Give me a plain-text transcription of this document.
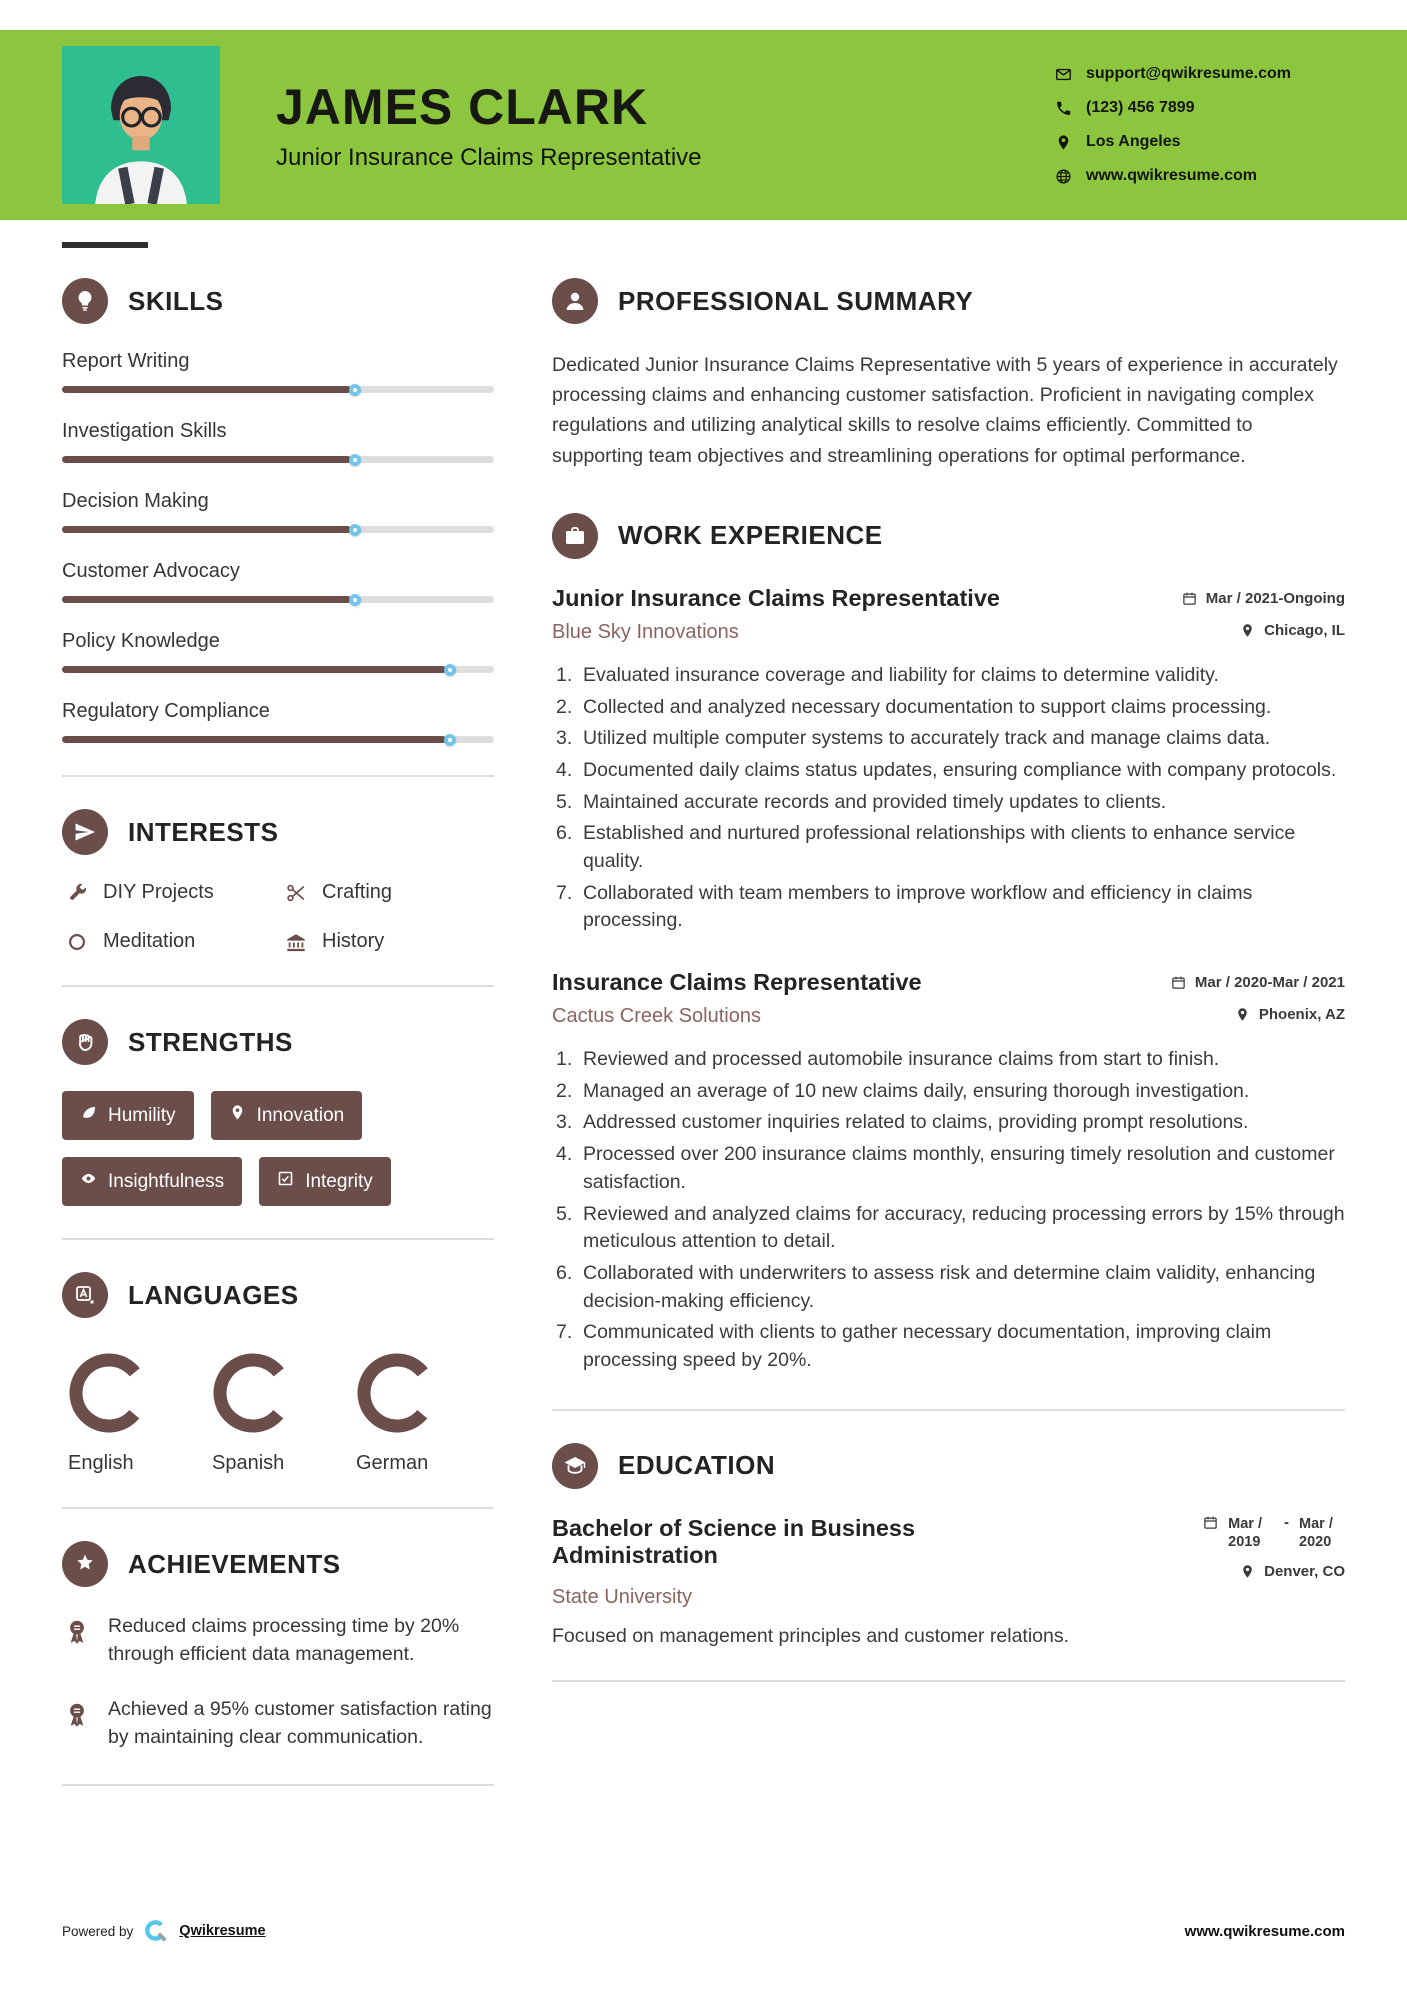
JAMES CLARK
Junior Insurance Claims Representative
support@qwikresume.com
(123) 456 7899
Los Angeles
www.qwikresume.com
SKILLS
Report Writing
Investigation Skills
Decision Making
Customer Advocacy
Policy Knowledge
Regulatory Compliance
INTERESTS
DIY Projects	Crafting
Meditation	History
STRENGTHS
Humility	Innovation
Insightfulness	Integrity
LANGUAGES
English	Spanish	German
ACHIEVEMENTS
Reduced claims processing time by 20% through efficient data management.
Achieved a 95% customer satisfaction rating by maintaining clear communication.
PROFESSIONAL SUMMARY

Dedicated Junior Insurance Claims Representative with 5 years of experience in accurately processing claims and enhancing customer satisfaction. Proficient in navigating complex regulations and utilizing analytical skills to resolve claims efficiently. Committed to supporting team objectives and streamlining operations for optimal performance.

WORK EXPERIENCE
Junior Insurance Claims Representative	Mar / 2021-Ongoing
Blue Sky Innovations	Chicago, IL
Evaluated insurance coverage and liability for claims to determine validity.
Collected and analyzed necessary documentation to support claims processing.
Utilized multiple computer systems to accurately track and manage claims data.
Documented daily claims status updates, ensuring compliance with company protocols.
Maintained accurate records and provided timely updates to clients.
Established and nurtured professional relationships with clients to enhance service quality.
Collaborated with team members to improve workflow and efficiency in claims processing.
Insurance Claims Representative	Mar / 2020-Mar / 2021
Cactus Creek Solutions	Phoenix, AZ
Reviewed and processed automobile insurance claims from start to finish.
Managed an average of 10 new claims daily, ensuring thorough investigation.
Addressed customer inquiries related to claims, providing prompt resolutions.
Processed over 200 insurance claims monthly, ensuring timely resolution and customer satisfaction.
Reviewed and analyzed claims for accuracy, reducing processing errors by 15% through meticulous attention to detail.
Collaborated with underwriters to assess risk and determine claim validity, enhancing decision-making efficiency.
Communicated with clients to gather necessary documentation, improving claim processing speed by 20%.
EDUCATION
Bachelor of Science in Business Administration
Mar / 2019
- Mar / 2020
Denver, CO
State University

Focused on management principles and customer relations.

Powered by	Qwikresume	www.qwikresume.com
